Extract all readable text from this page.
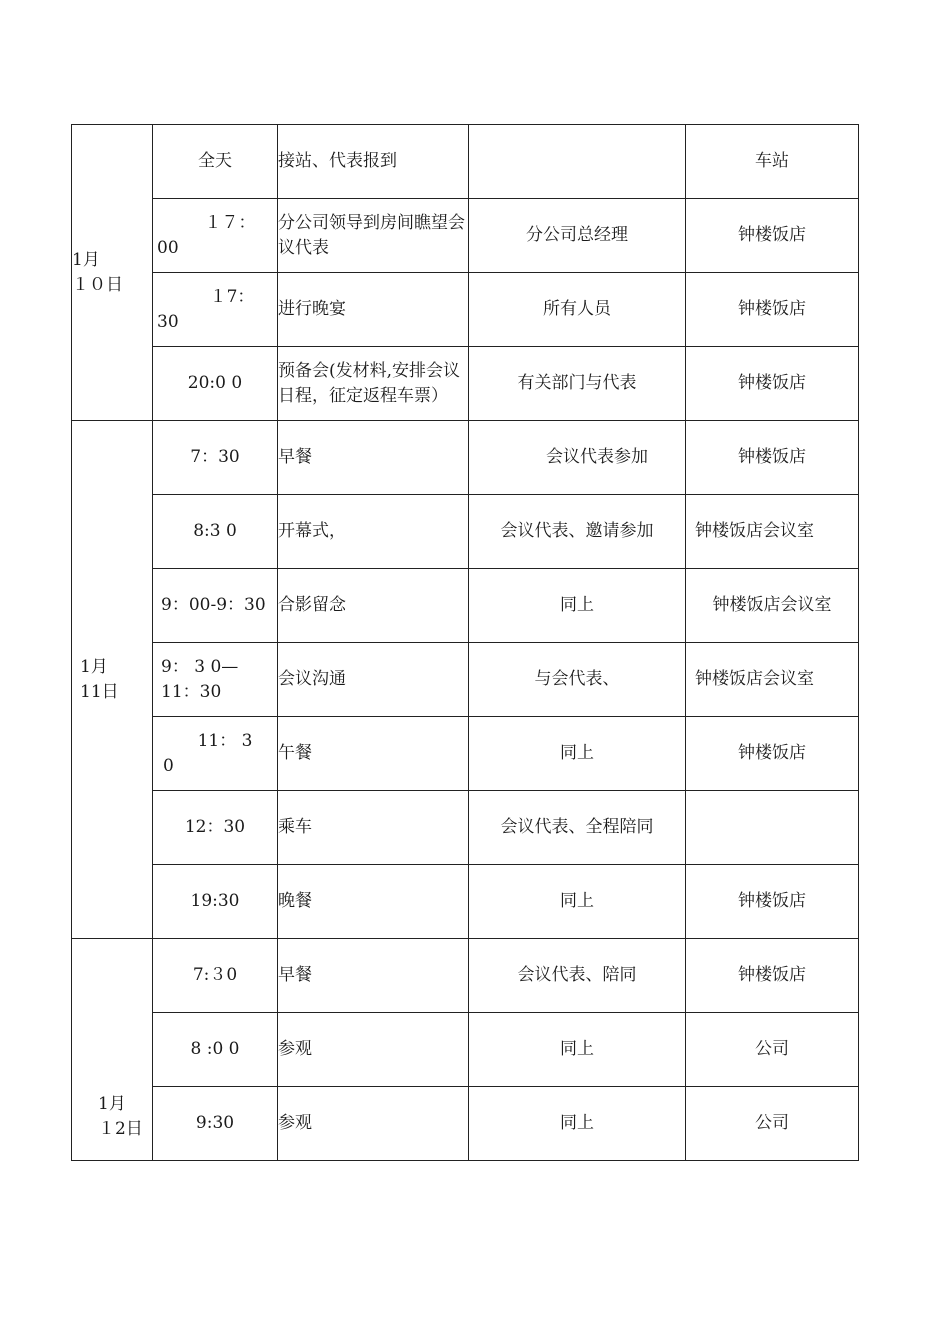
1月
１０日	全天	接站、代表报到		车站

	１７：
00	分公司领导到房间瞧望会议代表	分公司总经理	钟楼饭店

	１7：
30	进行晚宴	所有人员	钟楼饭店
	20:0 0	预备会(发材料,安排会议日程，征定返程车票）	有关部门与代表	钟楼饭店

1月
11日	7：30	早餐	会议代表参加	钟楼饭店
	8:3 0	开幕式，	会议代表、邀请参加	钟楼饭店会议室
	9：00-9：30	合影留念	同上	钟楼饭店会议室

	9： 3 0—
11：30	会议沟通	与会代表、	钟楼饭店会议室

	11： 3
0	午餐	同上	钟楼饭店
	12：30	乘车	会议代表、全程陪同	
	19:30	晚餐	同上	钟楼饭店

1月
１2日	7:３0	早餐	会议代表、陪同	钟楼饭店
	8 :0 0	参观	同上	公司
	9:30	参观	同上	公司
